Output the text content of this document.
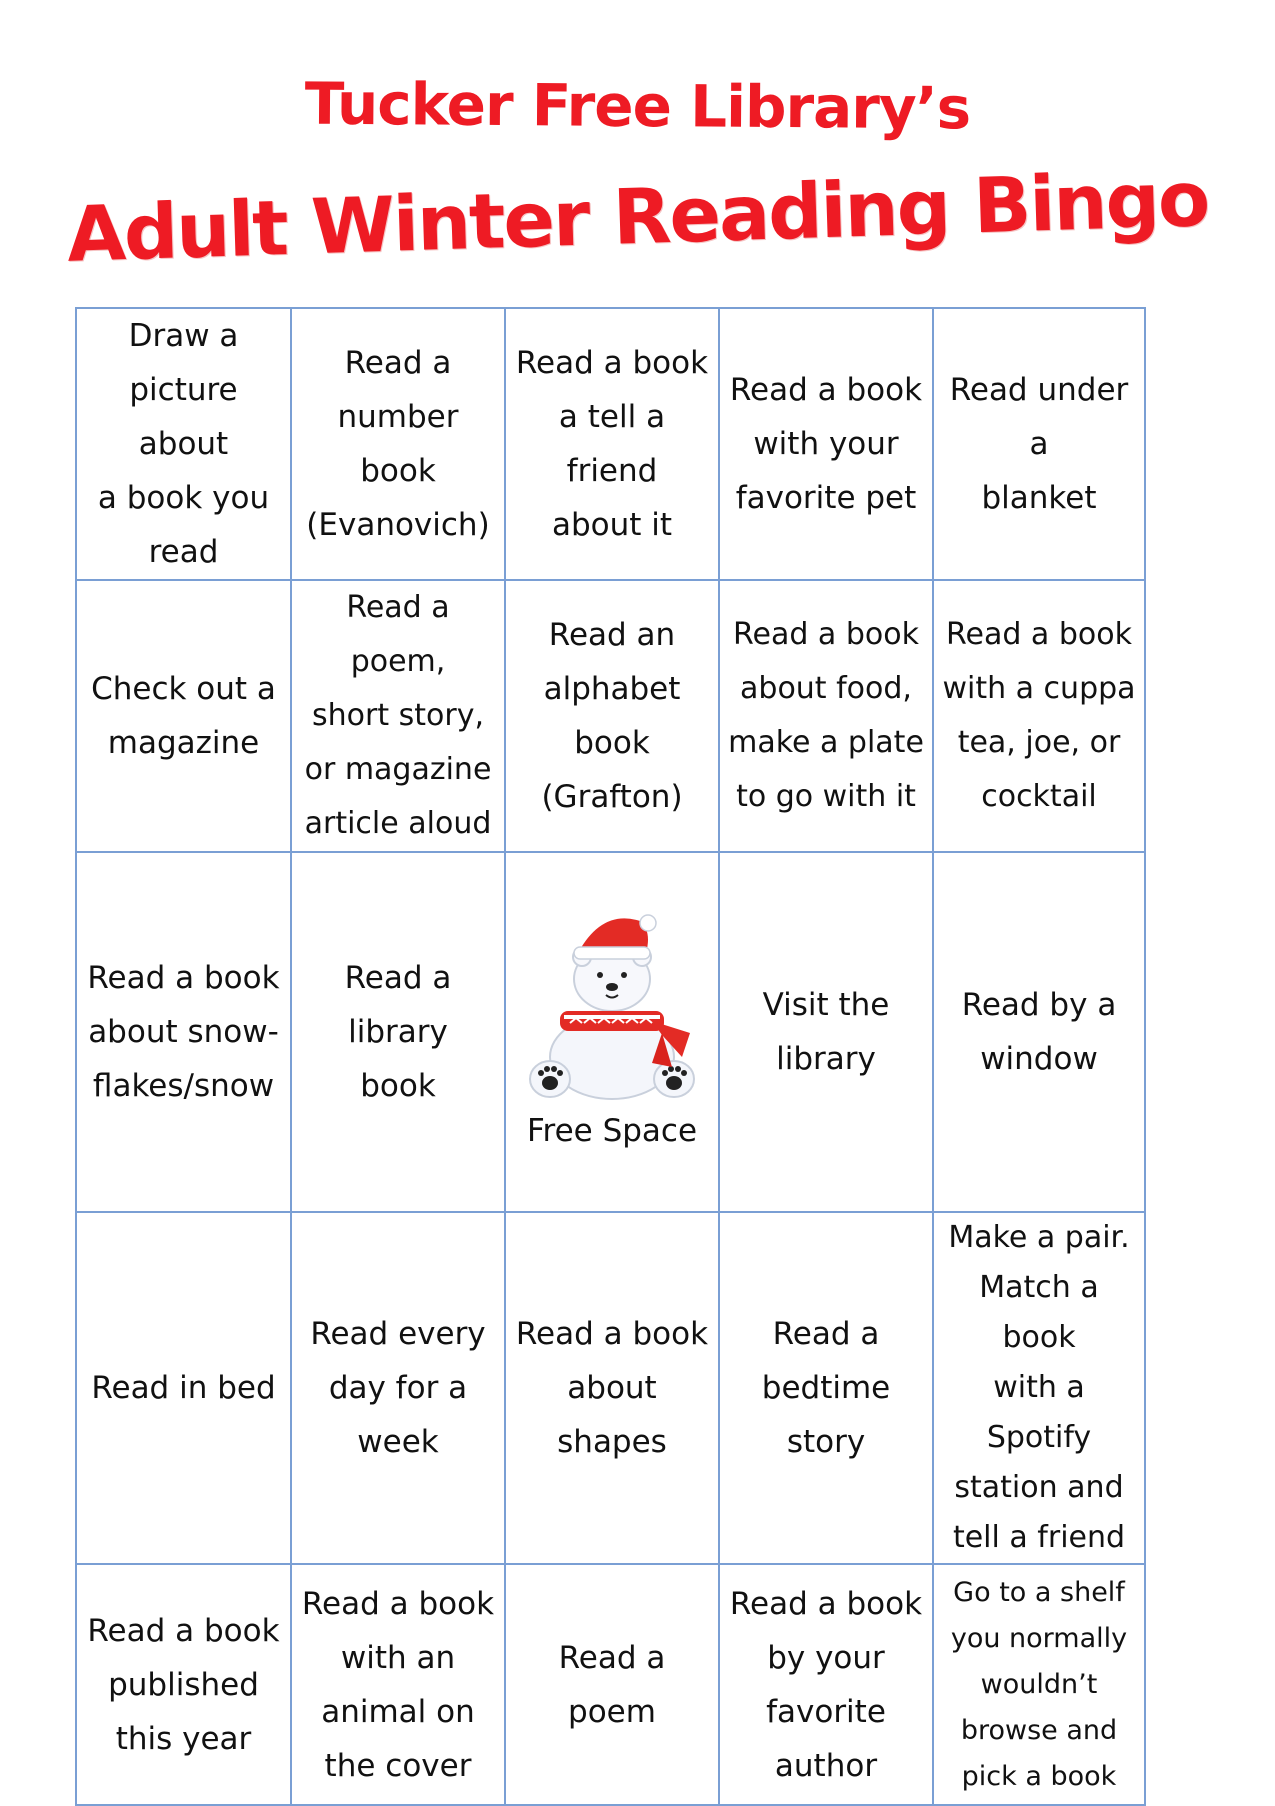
Tucker Free Library’s
Adult Winter Reading Bingo
Draw a
picture about
a book you
read	Read a
number book
(Evanovich)	Read a book
a tell a friend
about it	Read a book
with your
favorite pet	Read under a
blanket

Check out a
magazine	Read a poem,
short story,
or magazine
article aloud	Read an
alphabet
book
(Grafton)	Read a book
about food,
make a plate
to go with it	Read a book
with a cuppa
tea, joe, or
cocktail

Read a book
about snow-
flakes/snow	Read a library
book	Free Space	Visit the
library	Read by a
window

Read in bed	Read every
day for a
week	Read a book
about shapes	Read a
bedtime
story	Make a pair.
Match a book
with a Spotify
station and
tell a friend

Read a book
published
this year	Read a book
with an
animal on
the cover	Read a poem	Read a book
by your
favorite
author	Go to a shelf
you normally
wouldn’t
browse and
pick a book
